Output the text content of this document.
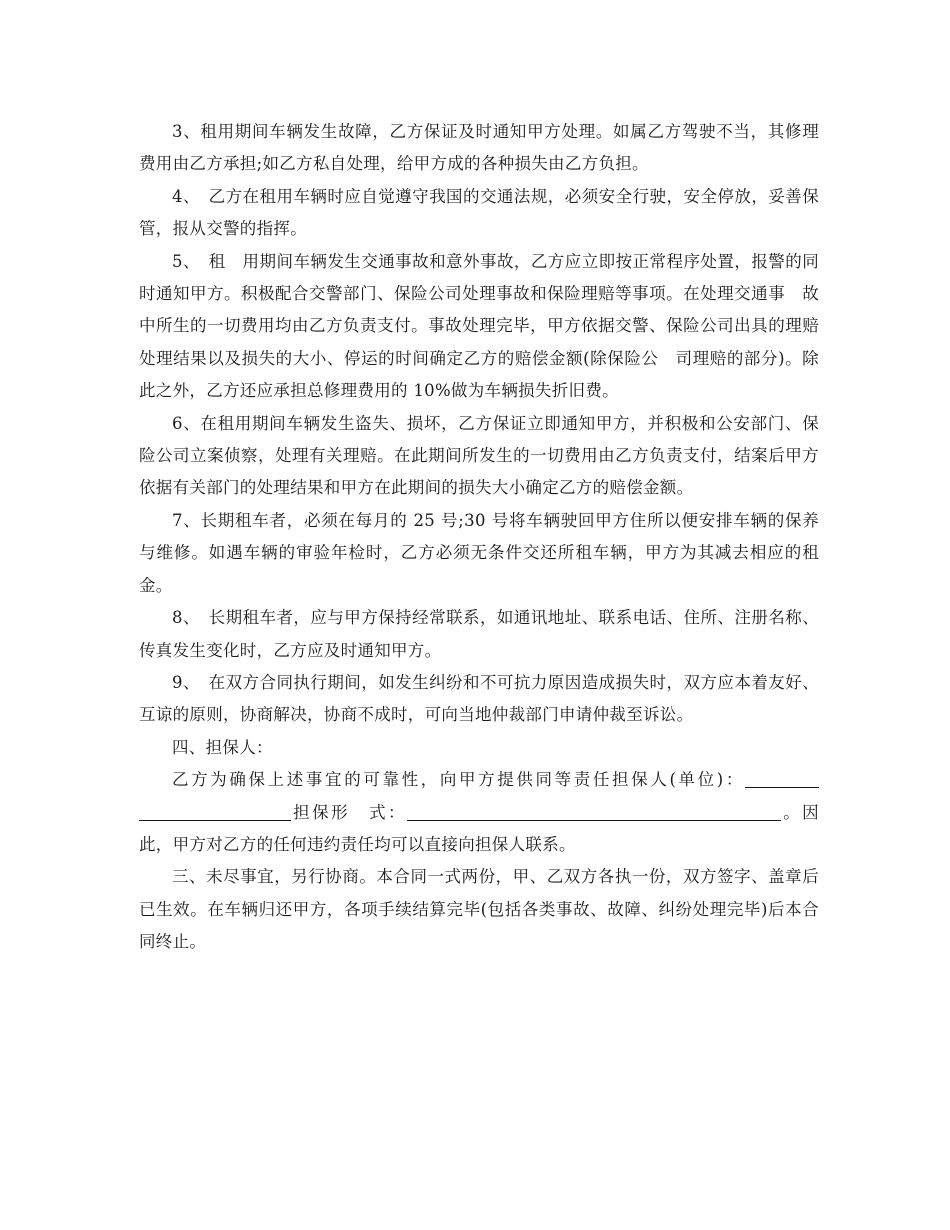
3、租用期间车辆发生故障，乙方保证及时通知甲方处理。如属乙方驾驶不当，其修理费用由乙方承担;如乙方私自处理，给甲方成的各种损失由乙方负担。

4、　乙方在租用车辆时应自觉遵守我国的交通法规，必须安全行驶，安全停放，妥善保管，报从交警的指挥。

5、　租　用期间车辆发生交通事故和意外事故，乙方应立即按正常程序处置，报警的同时通知甲方。积极配合交警部门、保险公司处理事故和保险理赔等事项。在处理交通事　故中所生的一切费用均由乙方负责支付。事故处理完毕，甲方依据交警、保险公司出具的理赔处理结果以及损失的大小、停运的时间确定乙方的赔偿金额(除保险公　司理赔的部分)。除此之外，乙方还应承担总修理费用的 10%做为车辆损失折旧费。

6、在租用期间车辆发生盗失、损坏，乙方保证立即通知甲方，并积极和公安部门、保险公司立案侦察，处理有关理赔。在此期间所发生的一切费用由乙方负责支付，结案后甲方依据有关部门的处理结果和甲方在此期间的损失大小确定乙方的赔偿金额。

7、长期租车者，必须在每月的 25 号;30 号将车辆驶回甲方住所以便安排车辆的保养与维修。如遇车辆的审验年检时，乙方必须无条件交还所租车辆，甲方为其减去相应的租金。

8、　长期租车者，应与甲方保持经常联系，如通讯地址、联系电话、住所、注册名称、传真发生变化时，乙方应及时通知甲方。

9、　在双方合同执行期间，如发生纠纷和不可抗力原因造成损失时，双方应本着友好、互谅的原则，协商解决，协商不成时，可向当地仲裁部门申请仲裁至诉讼。

四、担保人：

乙方为确保上述事宜的可靠性，向甲方提供同等责任担保人(单位)：担保形　式：	。因此，甲方对乙方的任何违约责任均可以直接向担保人联系。

三、未尽事宜，另行协商。本合同一式两份，甲、乙双方各执一份，双方签字、盖章后已生效。在车辆归还甲方，各项手续结算完毕(包括各类事故、故障、纠纷处理完毕)后本合同终止。
